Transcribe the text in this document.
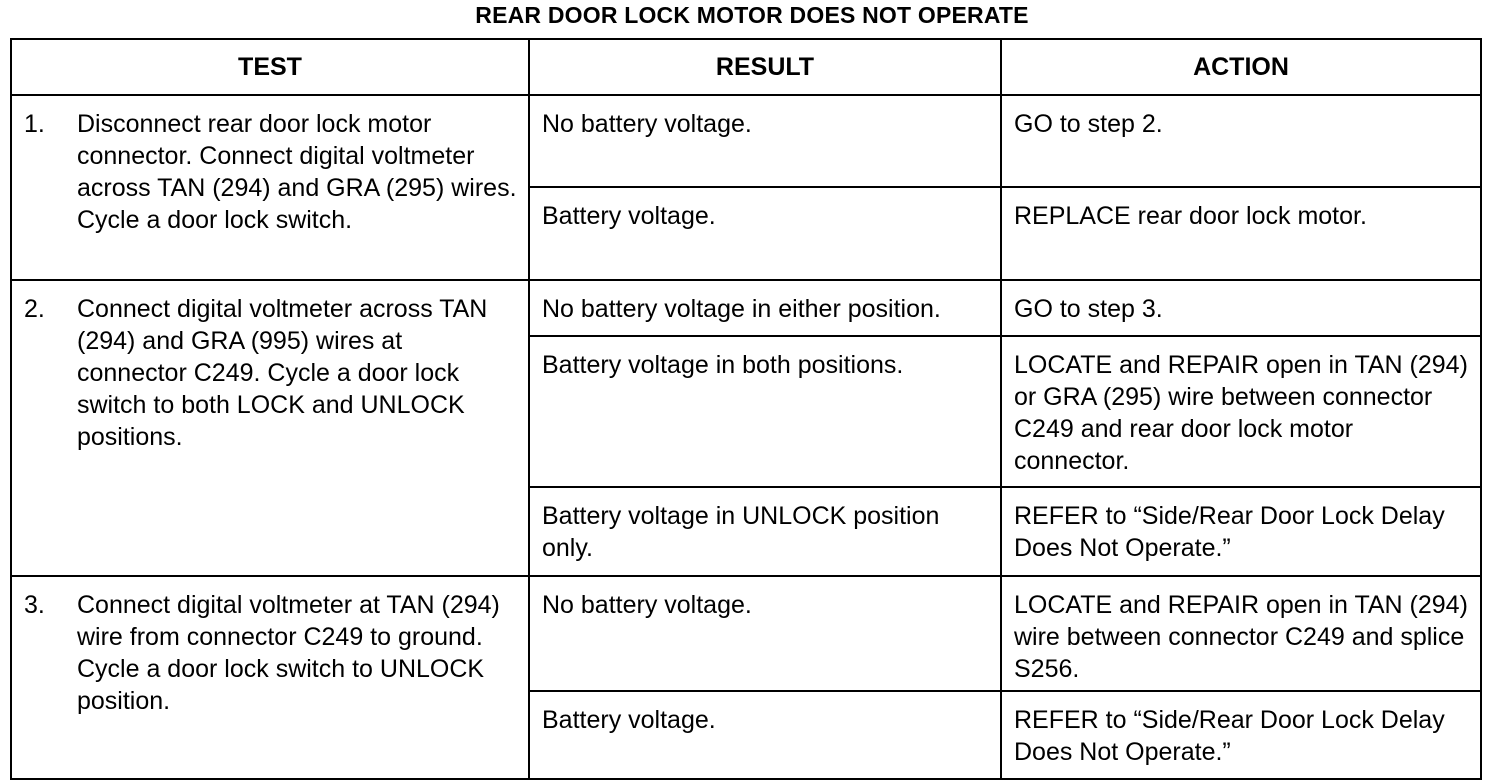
REAR DOOR LOCK MOTOR DOES NOT OPERATE
TEST	RESULT	ACTION

1. Disconnect rear door lock motor connector. Connect digital voltmeter across TAN (294) and GRA (295) wires. Cycle a door lock switch.	No battery voltage.	GO to step 2.
	Battery voltage.	REPLACE rear door lock motor.

2. Connect digital voltmeter across TAN (294) and GRA (995) wires at connector C249. Cycle a door lock switch to both LOCK and UNLOCK positions.	No battery voltage in either position.	GO to step 3.
	Battery voltage in both positions.	LOCATE and REPAIR open in TAN (294) or GRA (295) wire between connector C249 and rear door lock motor connector.
	Battery voltage in UNLOCK position only.	REFER to “Side/Rear Door Lock Delay Does Not Operate.”

3. Connect digital voltmeter at TAN (294) wire from connector C249 to ground. Cycle a door lock switch to UNLOCK position.	No battery voltage.	LOCATE and REPAIR open in TAN (294) wire between connector C249 and splice S256.
	Battery voltage.	REFER to “Side/Rear Door Lock Delay Does Not Operate.”
